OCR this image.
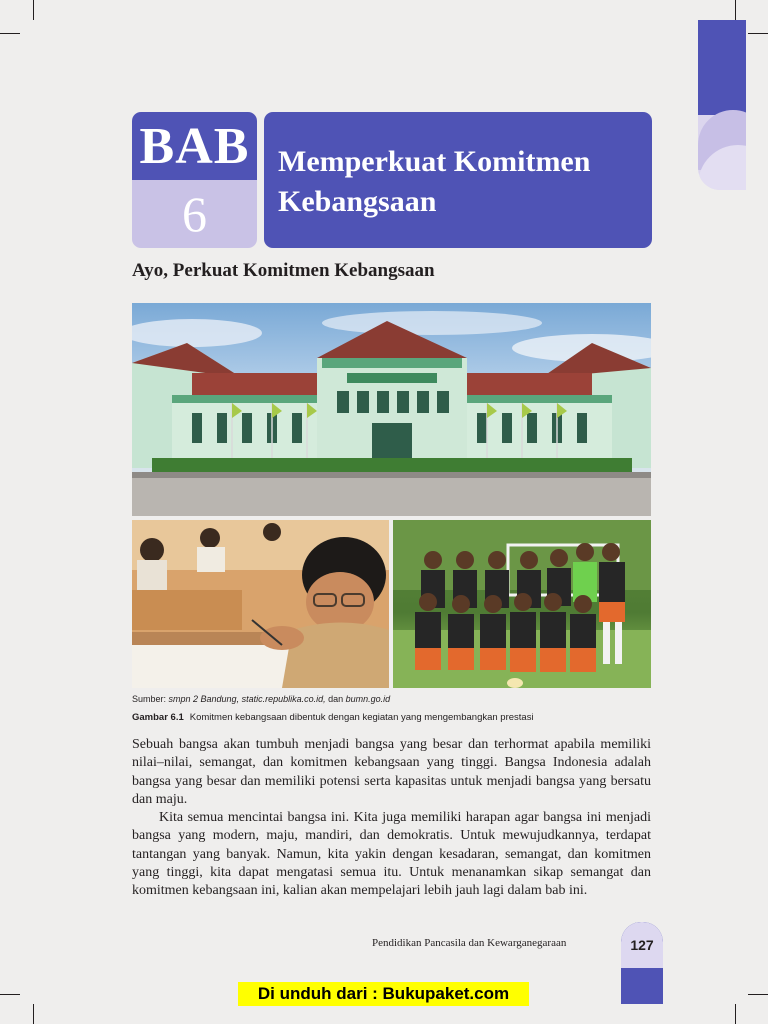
BAB
6
Memperkuat Komitmen
Kebangsaan
Ayo, Perkuat Komitmen Kebangsaan
Sumber: smpn 2 Bandung, static.republika.co.id, dan bumn.go.id
Gambar 6.1 Komitmen kebangsaan dibentuk dengan kegiatan yang mengembangkan prestasi

Sebuah bangsa akan tumbuh menjadi bangsa yang besar dan terhormat apabila memiliki nilai–nilai, semangat, dan komitmen kebangsaan yang tinggi. Bangsa Indonesia adalah bangsa yang besar dan memiliki potensi serta kapasitas untuk menjadi bangsa yang bersatu dan maju.

Kita semua mencintai bangsa ini. Kita juga memiliki harapan agar bangsa ini menjadi bangsa yang modern, maju, mandiri, dan demokratis. Untuk mewujudkannya, terdapat tantangan yang banyak. Namun, kita yakin dengan kesadaran, semangat, dan komitmen yang tinggi, kita dapat mengatasi semua itu. Untuk menanamkan sikap semangat dan komitmen kebangsaan ini, kalian akan mempelajari lebih jauh lagi dalam bab ini.

Pendidikan Pancasila dan Kewarganegaraan	127
Di unduh dari : Bukupaket.com
